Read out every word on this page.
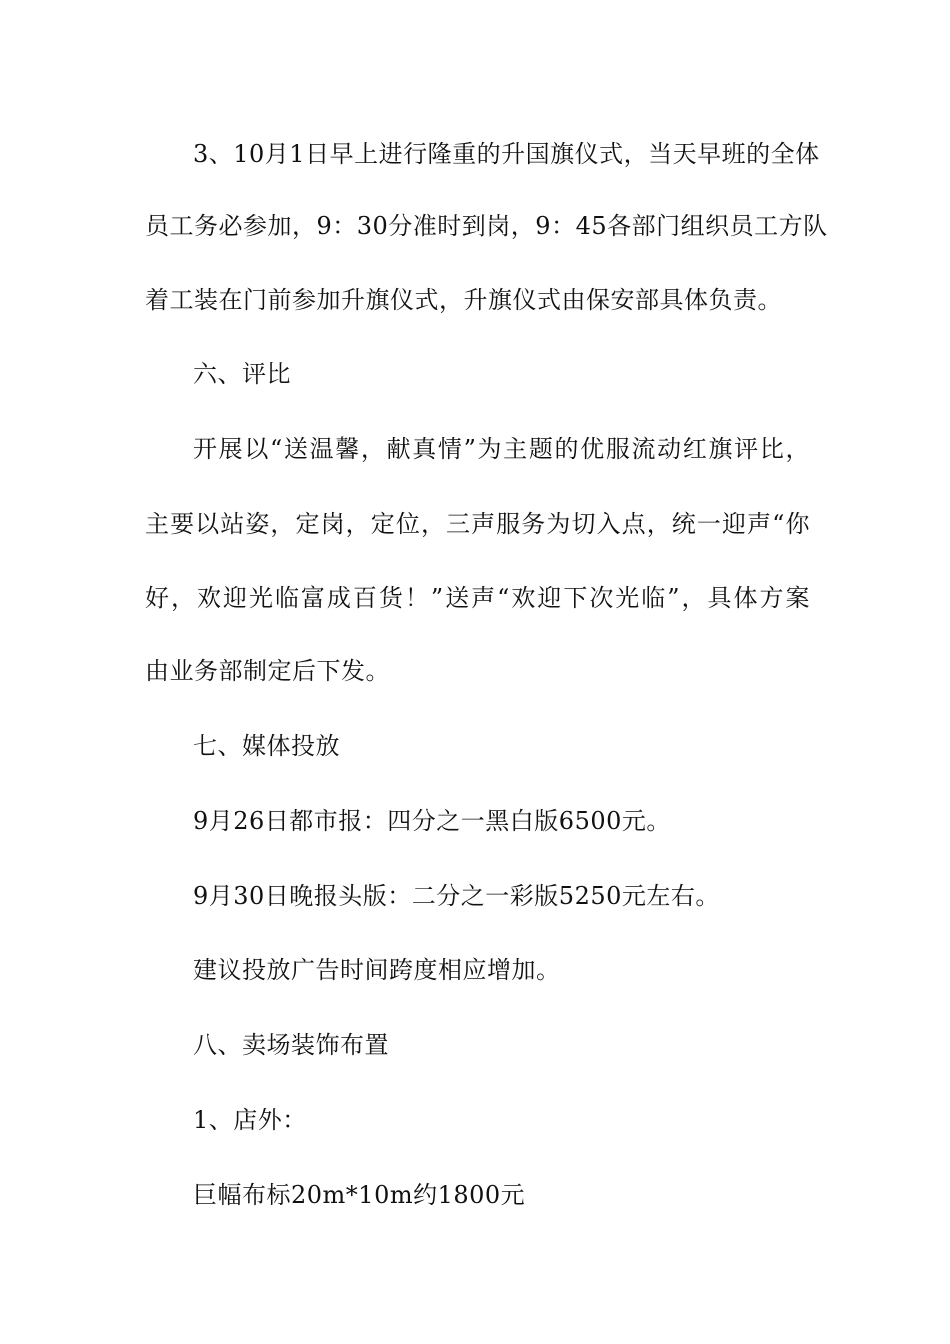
3、10月1日早上进行隆重的升国旗仪式，当天早班的全体
员工务必参加，9：30分准时到岗，9：45各部门组织员工方队
着工装在门前参加升旗仪式，升旗仪式由保安部具体负责。
六、评比
开展以“送温馨，献真情”为主题的优服流动红旗评比，
主要以站姿，定岗，定位，三声服务为切入点，统一迎声“你
好，欢迎光临富成百货！”送声“欢迎下次光临”，具体方案
由业务部制定后下发。
七、媒体投放
9月26日都市报：四分之一黑白版6500元。
9月30日晚报头版：二分之一彩版5250元左右。
建议投放广告时间跨度相应增加。
八、卖场装饰布置
1、店外：
巨幅布标20m*10m约1800元
